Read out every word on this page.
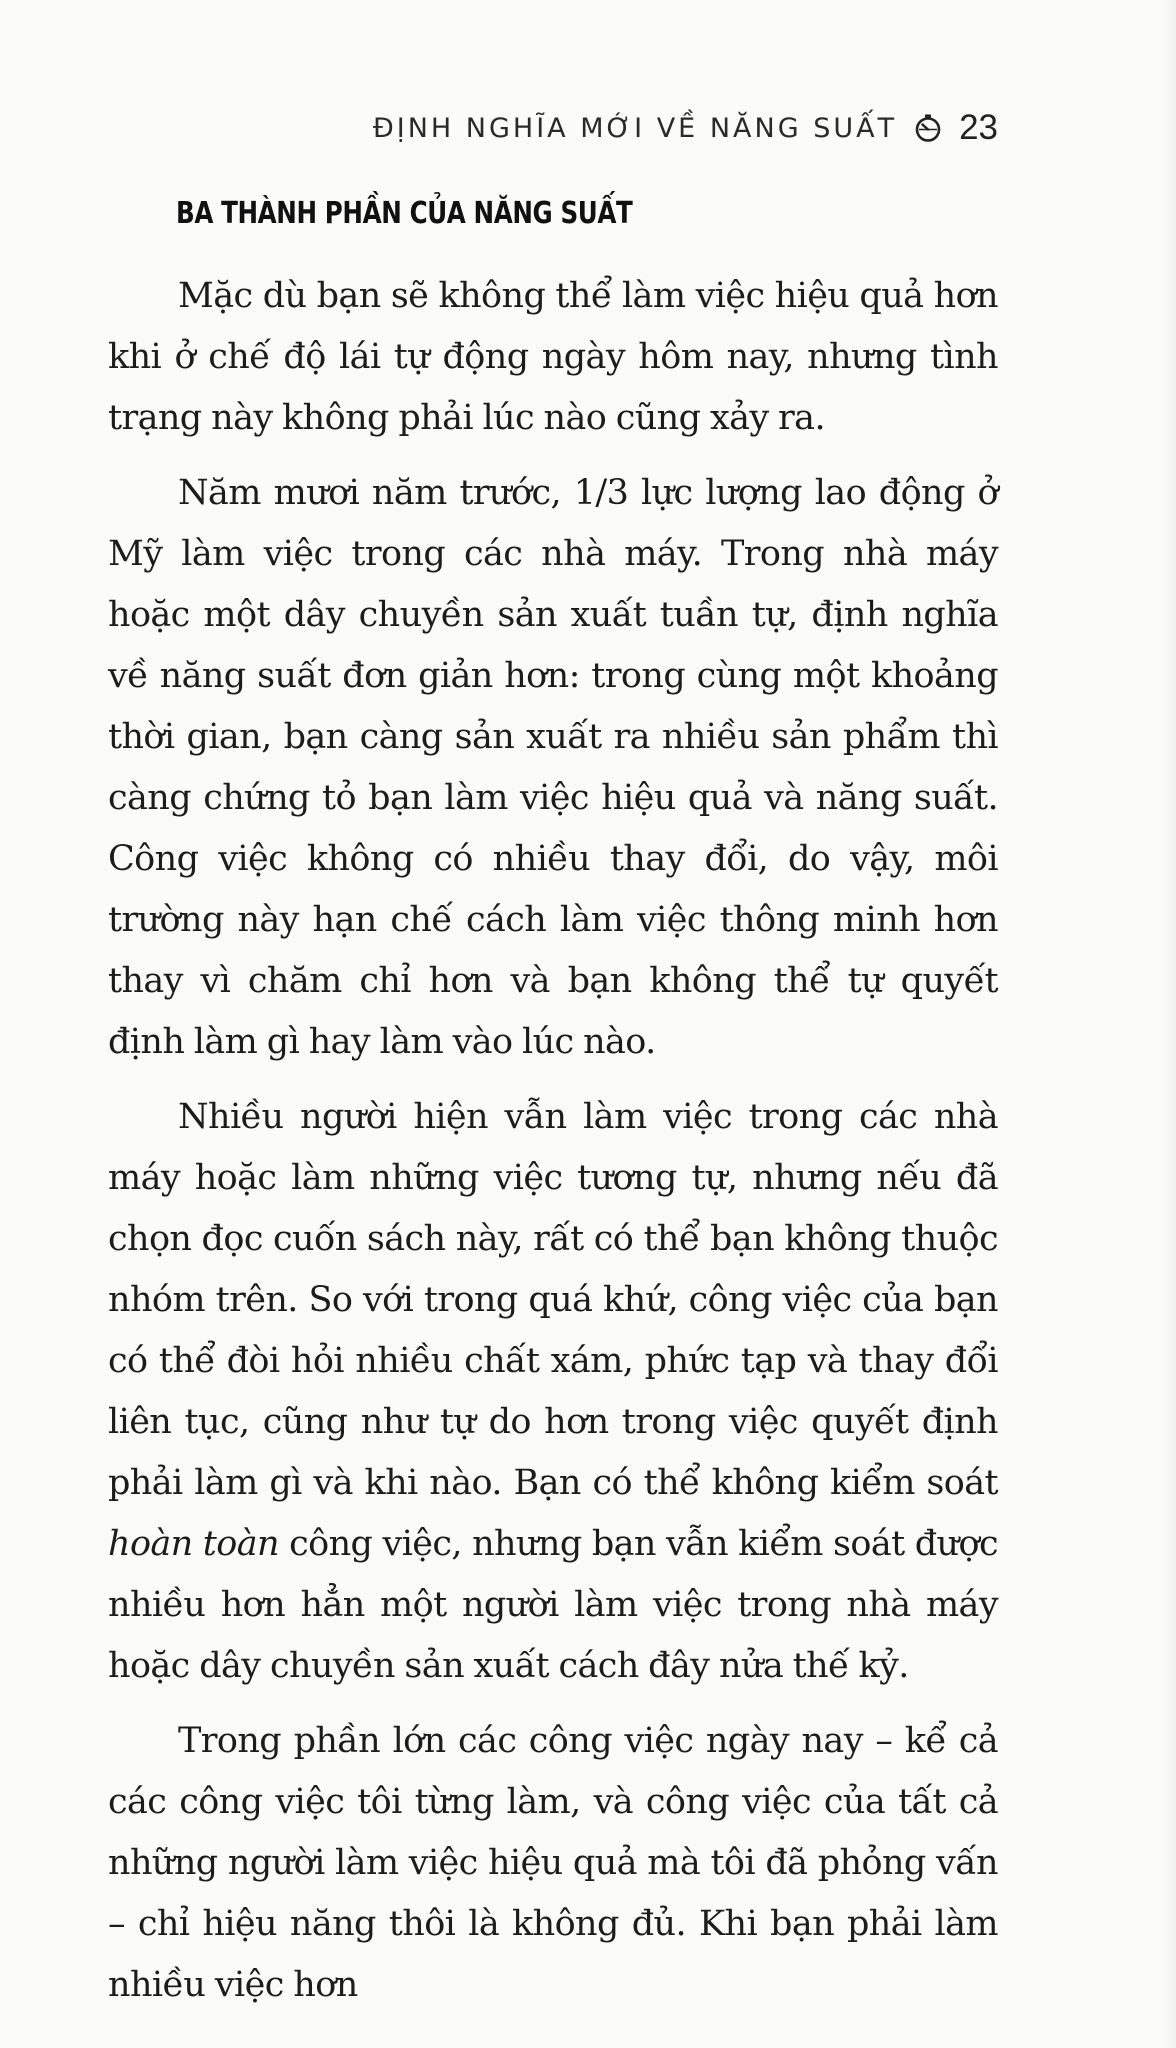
ĐỊNH NGHĨA MỚI VỀ NĂNG SUẤT 23
BA THÀNH PHẦN CỦA NĂNG SUẤT

Mặc dù bạn sẽ không thể làm việc hiệu quả hơn khi ở chế độ lái tự động ngày hôm nay, nhưng tình trạng này không phải lúc nào cũng xảy ra.

Năm mươi năm trước, 1/3 lực lượng lao động ở Mỹ làm việc trong các nhà máy. Trong nhà máy hoặc một dây chuyền sản xuất tuần tự, định nghĩa về năng suất đơn giản hơn: trong cùng một khoảng thời gian, bạn càng sản xuất ra nhiều sản phẩm thì càng chứng tỏ bạn làm việc hiệu quả và năng suất. Công việc không có nhiều thay đổi, do vậy, môi trường này hạn chế cách làm việc thông minh hơn thay vì chăm chỉ hơn và bạn không thể tự quyết định làm gì hay làm vào lúc nào.

Nhiều người hiện vẫn làm việc trong các nhà máy hoặc làm những việc tương tự, nhưng nếu đã chọn đọc cuốn sách này, rất có thể bạn không thuộc nhóm trên. So với trong quá khứ, công việc của bạn có thể đòi hỏi nhiều chất xám, phức tạp và thay đổi liên tục, cũng như tự do hơn trong việc quyết định phải làm gì và khi nào. Bạn có thể không kiểm soát hoàn toàn công việc, nhưng bạn vẫn kiểm soát được nhiều hơn hẳn một người làm việc trong nhà máy hoặc dây chuyền sản xuất cách đây nửa thế kỷ.

Trong phần lớn các công việc ngày nay – kể cả các công việc tôi từng làm, và công việc của tất cả những người làm việc hiệu quả mà tôi đã phỏng vấn – chỉ hiệu năng thôi là không đủ. Khi bạn phải làm nhiều việc hơn
